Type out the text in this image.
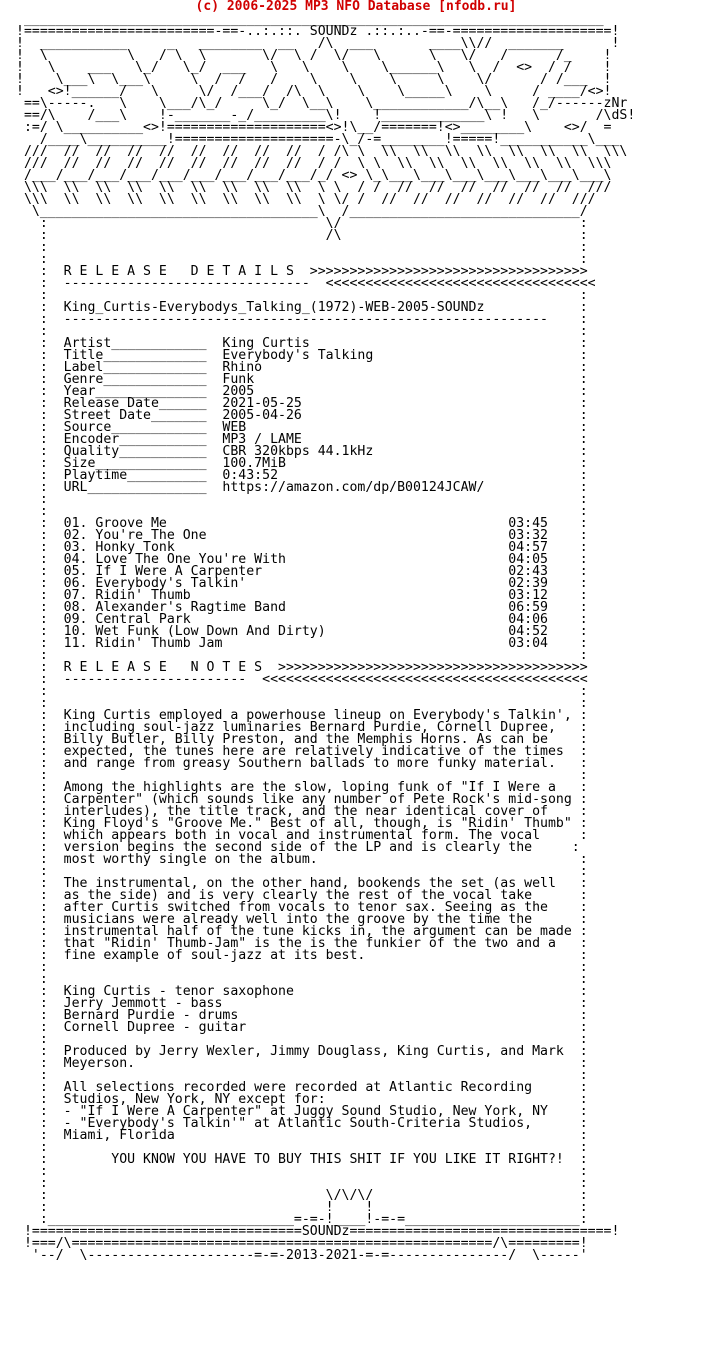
(c) 2006-2025 MP3 NFO Database [nfodb.ru]
_________________________________________________________________________
!========================-==-..:.::. SOUNDz .::.:..-==-====================!
!  ___________     _   ________  __   /\  ___       ____\\//  _______      !
!  \          \   / \  \       \/  \ /  \/   \      \   \/   /      /_    !
!   \    ___   \_/   \_/  ___   \   \    \    \______\   \  /  <>  / /    !
!    \___\  \___\     \  /  /   /    \    \    \     \    \/      / /___  !
!   <>!______/   \     \/  /___/  /\  \    \    \_____\    \     / ____/<>!
==\-----.   \    \___/\_/     \_/  \__\    \____________/\__\   /_/------zNr
==/\    /___\    !-_______-_/_________\!    !_____________\ !   \       /\dS!
:=/ \__________<>!====================<>!\__/=======!<>________\    <>/  =
/____\__________!====================-\_/-=________!=====!___________\___
///  //  //  //  //  //  //  //  //  / /\ \  \\  \\  \\  \\  \\  \\  \\  \\\
///  //  //  //  //  //  //  //  //  / /  \ \  \\  \\  \\  \\  \\  \\  \\\
/___/___/___/___/___/___/___/___/___/_/ <> \_\___\___\___\___\___\___\___\
\\\  \\  \\  \\  \\  \\  \\  \\  \\  \ \  / /  //  //  //  //  //  //  ///
\\\  \\  \\  \\  \\  \\  \\  \\  \\  \ \/ /  //  //  //  //  //  //  ///
\___________________________________\  /_____________________________/
:                                   \/                              :
:                                   /\                              :
:                                                                   :
:                                                                   :
:  R E L E A S E   D E T A I L S  >>>>>>>>>>>>>>>>>>>>>>>>>>>>>>>>>>>
:  -------------------------------  <<<<<<<<<<<<<<<<<<<<<<<<<<<<<<<<<<
:                                                                   :
:  King_Curtis-Everybodys_Talking_(1972)-WEB-2005-SOUNDz            :
:  -------------------------------------------------------------    :
:                                                                   :
:  Artist____________  King Curtis                                  :
:  Title_____________  Everybody's Talking                          :
:  Label_____________  Rhino                                        :
:  Genre_____________  Funk                                         :
:  Year______________  2005                                         :
:  Release Date______  2021-05-25                                   :
:  Street Date_______  2005-04-26                                   :
:  Source____________  WEB                                          :
:  Encoder___________  MP3 / LAME                                   :
:  Quality___________  CBR 320kbps 44.1kHz                          :
:  Size______________  100.7MiB                                     :
:  Playtime__________  0:43:52                                      :
:  URL_______________  https://amazon.com/dp/B00124JCAW/            :
:                                                                   :
:                                                                   :
:  01. Groove Me                                           03:45    :
:  02. You're The One                                      03:32    :
:  03. Honky Tonk                                          04:57    :
:  04. Love The One You're With                            04:05    :
:  05. If I Were A Carpenter                               02:43    :
:  06. Everybody's Talkin'                                 02:39    :
:  07. Ridin' Thumb                                        03:12    :
:  08. Alexander's Ragtime Band                            06:59    :
:  09. Central Park                                        04:06    :
:  10. Wet Funk (Low Down And Dirty)                       04:52    :
:  11. Ridin' Thumb Jam                                    03:04    :
:                                                                   :
:  R E L E A S E   N O T E S  >>>>>>>>>>>>>>>>>>>>>>>>>>>>>>>>>>>>>>>
:  -----------------------  <<<<<<<<<<<<<<<<<<<<<<<<<<<<<<<<<<<<<<<<<
:                                                                   :
:                                                                   :
:  King Curtis employed a powerhouse lineup on Everybody's Talkin', :
:  including soul-jazz luminaries Bernard Purdie, Cornell Dupree,   :
:  Billy Butler, Billy Preston, and the Memphis Horns. As can be    :
:  expected, the tunes here are relatively indicative of the times  :
:  and range from greasy Southern ballads to more funky material.   :
:                                                                   :
:  Among the highlights are the slow, loping funk of "If I Were a   :
:  Carpenter" (which sounds like any number of Pete Rock's mid-song :
:  interludes), the title track, and the near identical cover of    :
:  King Floyd's "Groove Me." Best of all, though, is "Ridin' Thumb" :
:  which appears both in vocal and instrumental form. The vocal     :
:  version begins the second side of the LP and is clearly the     :
:  most worthy single on the album.                                 :
:                                                                   :
:  The instrumental, on the other hand, bookends the set (as well   :
:  as the side) and is very clearly the rest of the vocal take      :
:  after Curtis switched from vocals to tenor sax. Seeing as the    :
:  musicians were already well into the groove by the time the      :
:  instrumental half of the tune kicks in, the argument can be made :
:  that "Ridin' Thumb-Jam" is the is the funkier of the two and a   :
:  fine example of soul-jazz at its best.                           :
:                                                                   :
:                                                                   :
:  King Curtis - tenor saxophone                                    :
:  Jerry Jemmott - bass                                             :
:  Bernard Purdie - drums                                           :
:  Cornell Dupree - guitar                                          :
:                                                                   :
:  Produced by Jerry Wexler, Jimmy Douglass, King Curtis, and Mark  :
:  Meyerson.                                                        :
:                                                                   :
:  All selections recorded were recorded at Atlantic Recording      :
:  Studios, New York, NY except for:                                :
:  - "If I Were A Carpenter" at Juggy Sound Studio, New York, NY    :
:  - "Everybody's Talkin'" at Atlantic South-Criteria Studios,      :
:  Miami, Florida                                                   :
:                                                                   :
:        YOU KNOW YOU HAVE TO BUY THIS SHIT IF YOU LIKE IT RIGHT?!  :
:                                                                   :
:                                                                   :
:                                   \/\/\/                          :
:                                   !    !                          :
:_______________________________=-=-!____!-=-=______________________:
!==================================SOUNDz=================================!
!===/\=====================================================/\=========!
'--/  \---------------------=-=-2013-2021-=-=---------------/  \-----'
